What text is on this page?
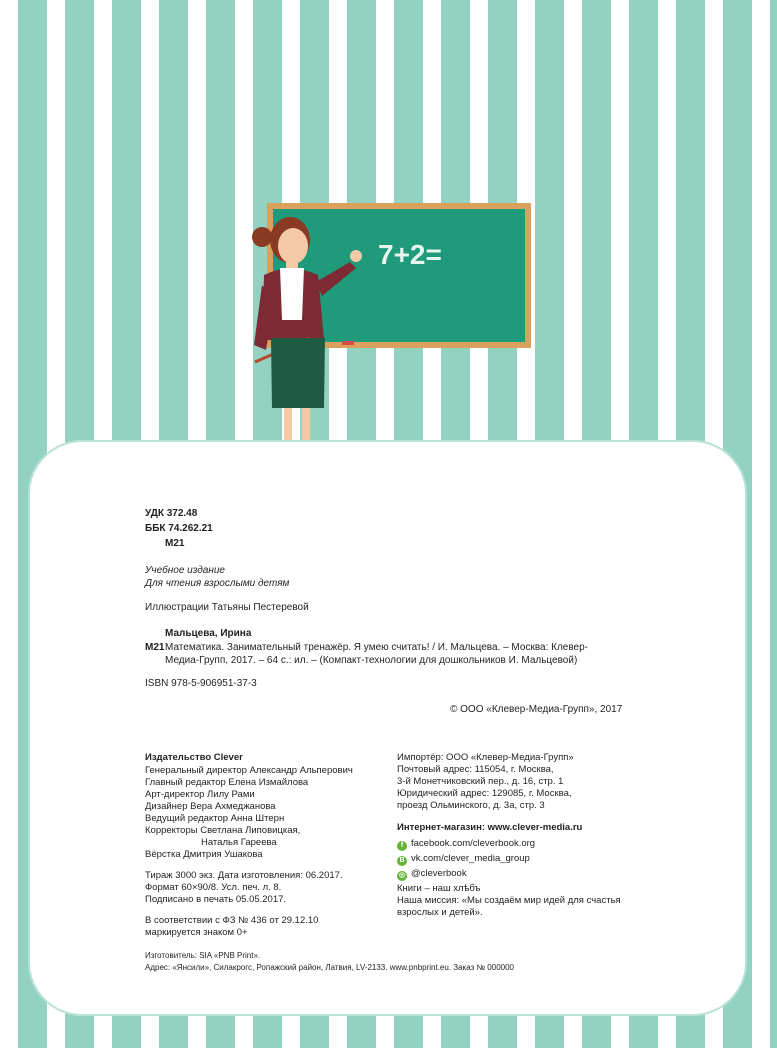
7+2=
УДК 372.48
ББК 74.262.21
М21
Учебное издание
Для чтения взрослыми детям
Иллюстрации Татьяны Пестеревой
Мальцева, Ирина
М21 Математика. Занимательный тренажёр. Я умею считать! / И. Мальцева. – Москва: Клевер-
Медиа-Групп, 2017. – 64 с.: ил. – (Компакт-технологии для дошкольников И. Мальцевой)
ISBN 978-5-906951-37-3
© ООО «Клевер-Медиа-Групп», 2017
Издательство Clever
Генеральный директор Александр Альперович
Главный редактор Елена Измайлова
Арт-директор Лилу Рами
Дизайнер Вера Ахмеджанова
Ведущий редактор Анна Штерн
Корректоры Светлана Липовицкая,
Наталья Гареева
Вёрстка Дмитрия Ушакова
Тираж 3000 экз. Дата изготовления: 06.2017.
Формат 60×90/8. Усл. печ. л. 8.
Подписано в печать 05.05.2017.
В соответствии с ФЗ № 436 от 29.12.10
маркируется знаком 0+
Изготовитель: SIA «PNB Print».
Адрес: «Янсили», Силакрогс, Ропажский район, Латвия, LV-2133. www.pnbprint.eu. Заказ № 000000
Импортёр: ООО «Клевер-Медиа-Групп»
Почтовый адрес: 115054, г. Москва,
3-й Монетчиковский пер., д. 16, стр. 1
Юридический адрес: 129085, г. Москва,
проезд Ольминского, д. 3а, стр. 3
Интернет-магазин: www.clever-media.ru
f facebook.com/cleverbook.org
B vk.com/clever_media_group
◎ @cleverbook
Книги – наш хлѣбъ
Наша миссия: «Мы создаём мир идей для счастья
взрослых и детей».
